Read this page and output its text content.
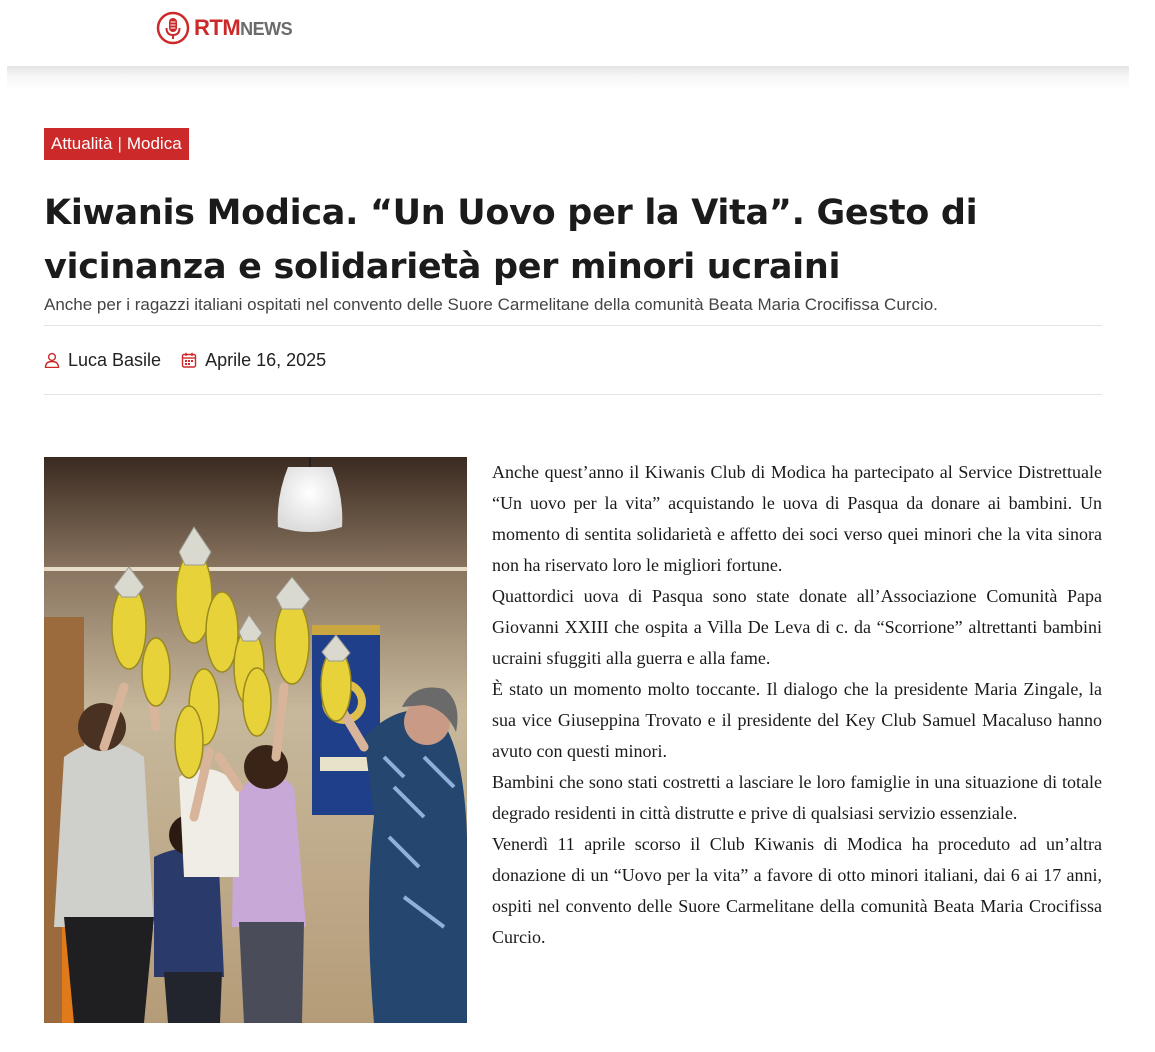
RTM NEWS
Attualità | Modica
Kiwanis Modica. “Un Uovo per la Vita”. Gesto di vicinanza e solidarietà per minori ucraini

Anche per i ragazzi italiani ospitati nel convento delle Suore Carmelitane della comunità Beata Maria Crocifissa Curcio.

Luca Basile Aprile 16, 2025

Anche quest’anno il Kiwanis Club di Modica ha partecipato al Service Distrettuale “Un uovo per la vita” acquistando le uova di Pasqua da donare ai bambini. Un momento di sentita solidarietà e affetto dei soci verso quei minori che la vita sinora non ha riservato loro le migliori fortune.

Quattordici uova di Pasqua sono state donate all’Associazione Comunità Papa Giovanni XXIII che ospita a Villa De Leva di c. da “Scorrione” altrettanti bambini ucraini sfuggiti alla guerra e alla fame.

È stato un momento molto toccante. Il dialogo che la presidente Maria Zingale, la sua vice Giuseppina Trovato e il presidente del Key Club Samuel Macaluso hanno avuto con questi minori.

Bambini che sono stati costretti a lasciare le loro famiglie in una situazione di totale degrado residenti in città distrutte e prive di qualsiasi servizio essenziale.

Venerdì 11 aprile scorso il Club Kiwanis di Modica ha proceduto ad un’altra donazione di un “Uovo per la vita” a favore di otto minori italiani, dai 6 ai 17 anni, ospiti nel convento delle Suore Carmelitane della comunità Beata Maria Crocifissa Curcio.
